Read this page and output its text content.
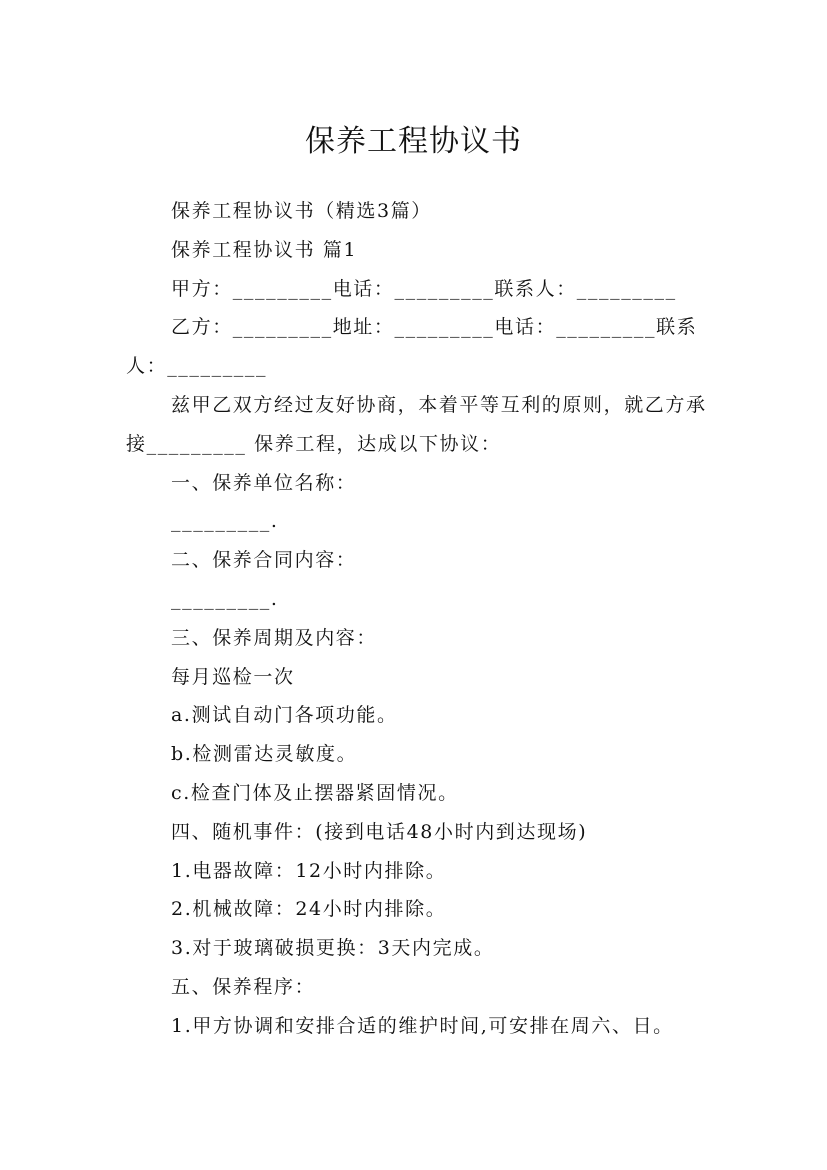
保养工程协议书

保养工程协议书（精选3篇）

保养工程协议书 篇1

甲方：_________电话：_________联系人：_________

乙方：_________地址：_________电话：_________联系人：_________

兹甲乙双方经过友好协商，本着平等互利的原则，就乙方承接_________ 保养工程，达成以下协议：

一、保养单位名称：

_________.

二、保养合同内容：

_________.

三、保养周期及内容：

每月巡检一次

a.测试自动门各项功能。

b.检测雷达灵敏度。

c.检查门体及止摆器紧固情况。

四、随机事件：(接到电话48小时内到达现场)

1.电器故障：12小时内排除。

2.机械故障：24小时内排除。

3.对于玻璃破损更换：3天内完成。

五、保养程序：

1.甲方协调和安排合适的维护时间,可安排在周六、日。
